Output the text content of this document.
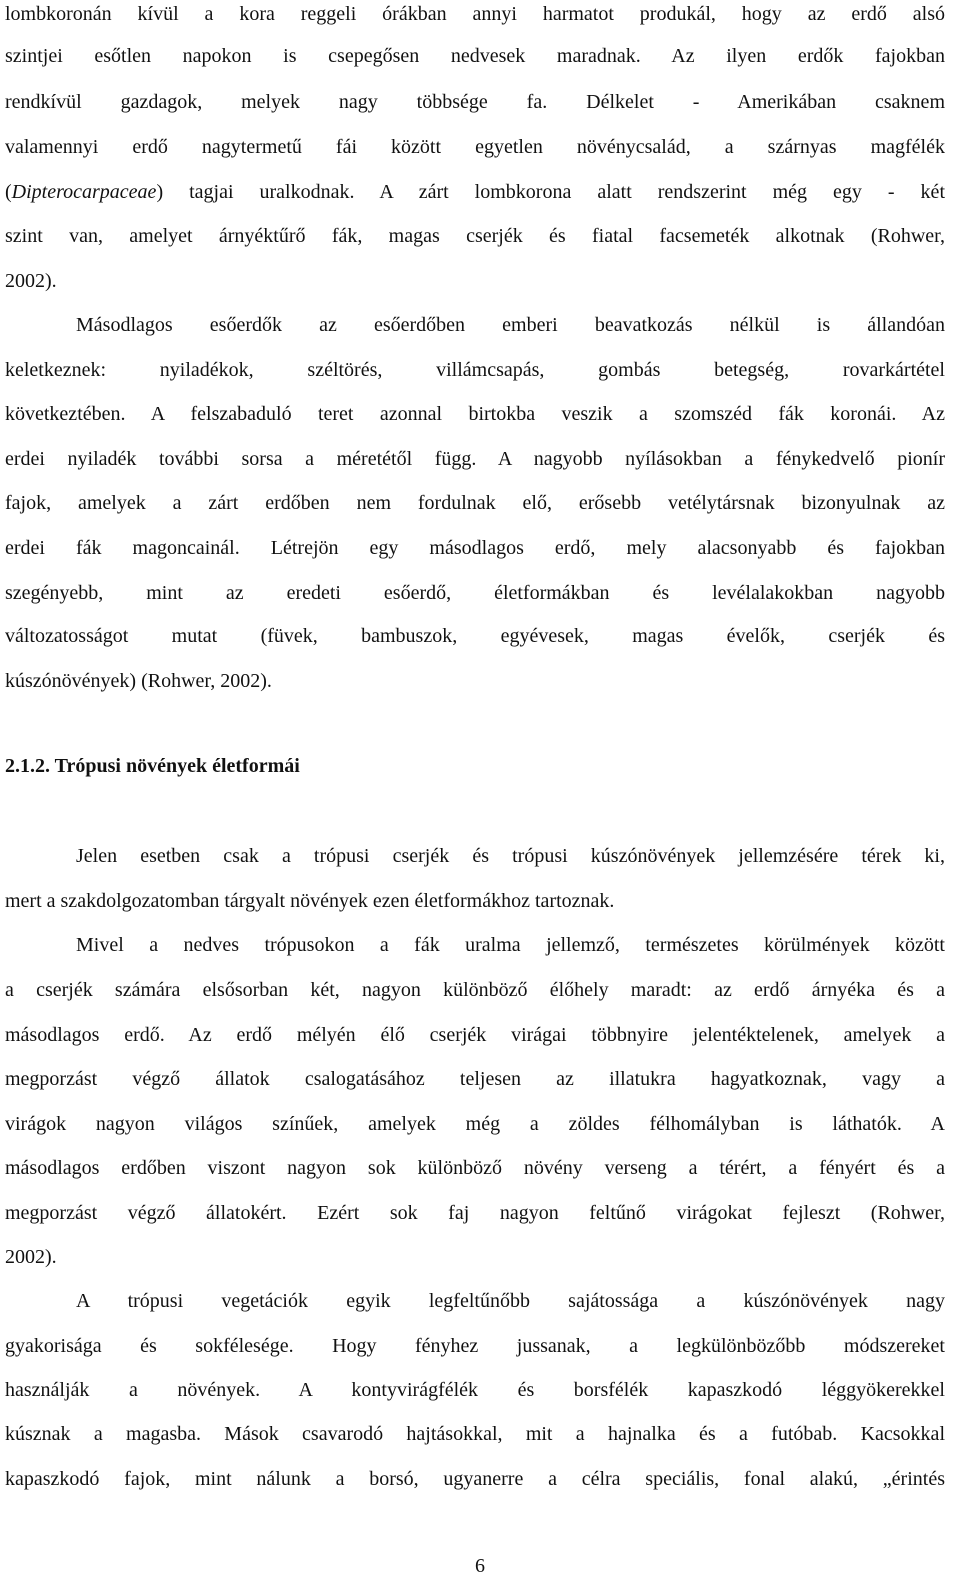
lombkoronán kívül a kora reggeli órákban annyi harmatot produkál, hogy az erdő alsó
szintjei esőtlen napokon is csepegősen nedvesek maradnak. Az ilyen erdők fajokban
rendkívül gazdagok, melyek nagy többsége fa. Délkelet - Amerikában csaknem
valamennyi erdő nagytermetű fái között egyetlen növénycsalád, a szárnyas magfélék
(Dipterocarpaceae) tagjai uralkodnak. A zárt lombkorona alatt rendszerint még egy - két
szint van, amelyet árnyéktűrő fák, magas cserjék és fiatal facsemeték alkotnak (Rohwer,
2002).
Másodlagos esőerdők az esőerdőben emberi beavatkozás nélkül is állandóan
keletkeznek: nyiladékok, széltörés, villámcsapás, gombás betegség, rovarkártétel
következtében. A felszabaduló teret azonnal birtokba veszik a szomszéd fák koronái. Az
erdei nyiladék további sorsa a méretétől függ. A nagyobb nyílásokban a fénykedvelő pionír
fajok, amelyek a zárt erdőben nem fordulnak elő, erősebb vetélytársnak bizonyulnak az
erdei fák magoncainál. Létrejön egy másodlagos erdő, mely alacsonyabb és fajokban
szegényebb, mint az eredeti esőerdő, életformákban és levélalakokban nagyobb
változatosságot mutat (füvek, bambuszok, egyévesek, magas évelők, cserjék és
kúszónövények) (Rohwer, 2002).
2.1.2. Trópusi növények életformái
Jelen esetben csak a trópusi cserjék és trópusi kúszónövények jellemzésére térek ki,
mert a szakdolgozatomban tárgyalt növények ezen életformákhoz tartoznak.
Mivel a nedves trópusokon a fák uralma jellemző, természetes körülmények között
a cserjék számára elsősorban két, nagyon különböző élőhely maradt: az erdő árnyéka és a
másodlagos erdő. Az erdő mélyén élő cserjék virágai többnyire jelentéktelenek, amelyek a
megporzást végző állatok csalogatásához teljesen az illatukra hagyatkoznak, vagy a
virágok nagyon világos színűek, amelyek még a zöldes félhomályban is láthatók. A
másodlagos erdőben viszont nagyon sok különböző növény verseng a térért, a fényért és a
megporzást végző állatokért. Ezért sok faj nagyon feltűnő virágokat fejleszt (Rohwer,
2002).
A trópusi vegetációk egyik legfeltűnőbb sajátossága a kúszónövények nagy
gyakorisága és sokfélesége. Hogy fényhez jussanak, a legkülönbözőbb módszereket
használják a növények. A kontyvirágfélék és borsfélék kapaszkodó léggyökerekkel
kúsznak a magasba. Mások csavarodó hajtásokkal, mit a hajnalka és a futóbab. Kacsokkal
kapaszkodó fajok, mint nálunk a borsó, ugyanerre a célra speciális, fonal alakú, „érintés
6
